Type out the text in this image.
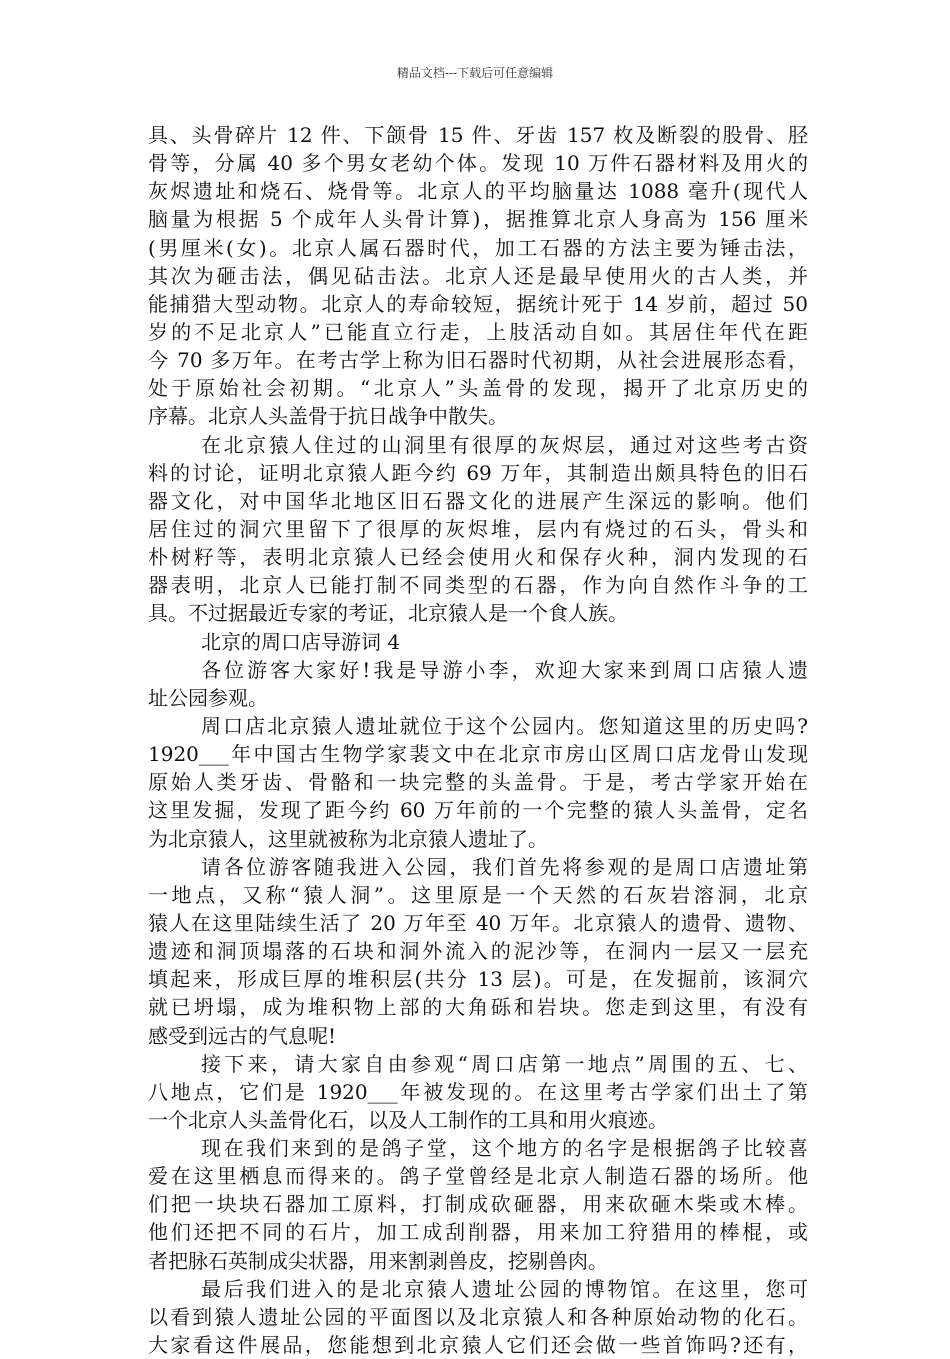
精品文档---下载后可任意编辑
具、头骨碎片 12 件、下颌骨 15 件、牙齿 157 枚及断裂的股骨、胫
骨等，分属 40 多个男女老幼个体。发现 10 万件石器材料及用火的
灰烬遗址和烧石、烧骨等。北京人的平均脑量达 1088 毫升(现代人
脑量为根据 5 个成年人头骨计算)，据推算北京人身高为 156 厘米
(男厘米(女)。北京人属石器时代，加工石器的方法主要为锤击法，
其次为砸击法，偶见砧击法。北京人还是最早使用火的古人类，并
能捕猎大型动物。北京人的寿命较短，据统计死于 14 岁前，超过 50
岁的不足北京人”已能直立行走，上肢活动自如。其居住年代在距
今 70 多万年。在考古学上称为旧石器时代初期，从社会进展形态看，
处于原始社会初期。“北京人”头盖骨的发现，揭开了北京历史的
序幕。北京人头盖骨于抗日战争中散失。
在北京猿人住过的山洞里有很厚的灰烬层，通过对这些考古资
料的讨论，证明北京猿人距今约 69 万年，其制造出颇具特色的旧石
器文化，对中国华北地区旧石器文化的进展产生深远的影响。他们
居住过的洞穴里留下了很厚的灰烬堆，层内有烧过的石头，骨头和
朴树籽等，表明北京猿人已经会使用火和保存火种，洞内发现的石
器表明，北京人已能打制不同类型的石器，作为向自然作斗争的工
具。不过据最近专家的考证，北京猿人是一个食人族。
北京的周口店导游词 4
各位游客大家好!我是导游小李，欢迎大家来到周口店猿人遗
址公园参观。
周口店北京猿人遗址就位于这个公园内。您知道这里的历史吗?
1920___年中国古生物学家裴文中在北京市房山区周口店龙骨山发现
原始人类牙齿、骨骼和一块完整的头盖骨。于是，考古学家开始在
这里发掘，发现了距今约 60 万年前的一个完整的猿人头盖骨，定名
为北京猿人，这里就被称为北京猿人遗址了。
请各位游客随我进入公园，我们首先将参观的是周口店遗址第
一地点，又称“猿人洞”。这里原是一个天然的石灰岩溶洞，北京
猿人在这里陆续生活了 20 万年至 40 万年。北京猿人的遗骨、遗物、
遗迹和洞顶塌落的石块和洞外流入的泥沙等，在洞内一层又一层充
填起来，形成巨厚的堆积层(共分 13 层)。可是，在发掘前，该洞穴
就已坍塌，成为堆积物上部的大角砾和岩块。您走到这里，有没有
感受到远古的气息呢!
接下来，请大家自由参观“周口店第一地点”周围的五、七、
八地点，它们是 1920___年被发现的。在这里考古学家们出土了第
一个北京人头盖骨化石，以及人工制作的工具和用火痕迹。
现在我们来到的是鸽子堂，这个地方的名字是根据鸽子比较喜
爱在这里栖息而得来的。鸽子堂曾经是北京人制造石器的场所。他
们把一块块石器加工原料，打制成砍砸器，用来砍砸木柴或木棒。
他们还把不同的石片，加工成刮削器，用来加工狩猎用的棒棍，或
者把脉石英制成尖状器，用来割剥兽皮，挖剔兽肉。
最后我们进入的是北京猿人遗址公园的博物馆。在这里，您可
以看到猿人遗址公园的平面图以及北京猿人和各种原始动物的化石。
大家看这件展品，您能想到北京猿人它们还会做一些首饰吗?还有，
